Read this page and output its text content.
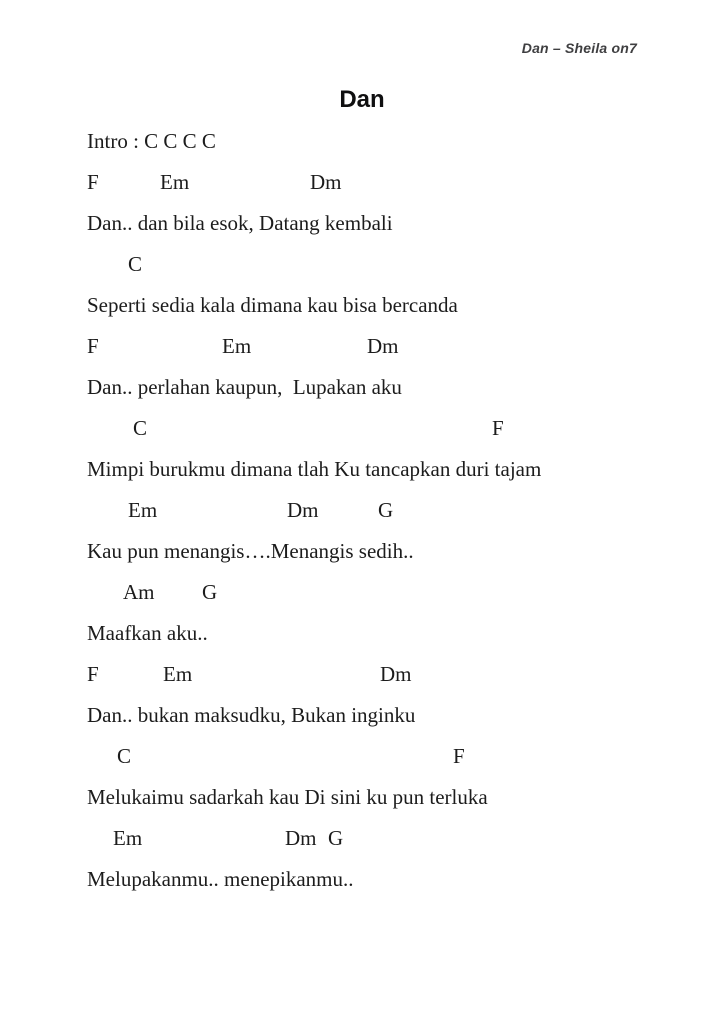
Dan – Sheila on7
Dan
Intro : C C C C

F

	Em

	Dm

Dan.. dan bila esok, Datang kembali

C

Seperti sedia kala dimana kau bisa bercanda

F

	Em

	Dm

Dan.. perlahan kaupun,  Lupakan aku

C

	F

Mimpi burukmu dimana tlah Ku tancapkan duri tajam

Em

	Dm

	G

Kau pun menangis….Menangis sedih..

Am

G

Maafkan aku..

F

	Em

	Dm

Dan.. bukan maksudku, Bukan inginku

C

	F

Melukaimu sadarkah kau Di sini ku pun terluka

Em

	Dm

G

Melupakanmu.. menepikanmu..
